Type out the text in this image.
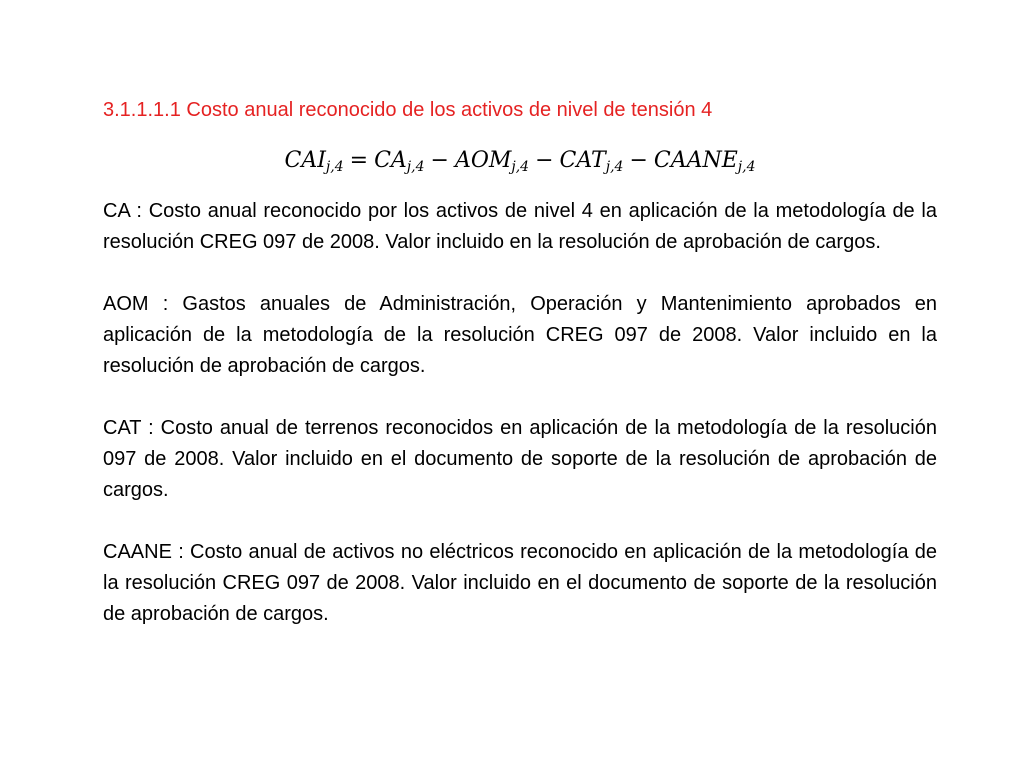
3.1.1.1.1 Costo anual reconocido de los activos de nivel de tensión 4
$CAI_{j,4} = CA_{j,4} - AOM_{j,4} - CAT_{j,4}$ − $CAANE_{j,4}$

CA : Costo anual reconocido por los activos de nivel 4 en aplicación de la metodología de la resolución CREG 097 de 2008. Valor incluido en la resolución de aprobación de cargos.

AOM : Gastos anuales de Administración, Operación y Mantenimiento aprobados en aplicación de la metodología de la resolución CREG 097 de 2008. Valor incluido en la resolución de aprobación de cargos.

CAT : Costo anual de terrenos reconocidos en aplicación de la metodología de la resolución 097 de 2008. Valor incluido en el documento de soporte de la resolución de aprobación de cargos.

CAANE : Costo anual de activos no eléctricos reconocido en aplicación de la metodología de la resolución CREG 097 de 2008. Valor incluido en el documento de soporte de la resolución de aprobación de cargos.
